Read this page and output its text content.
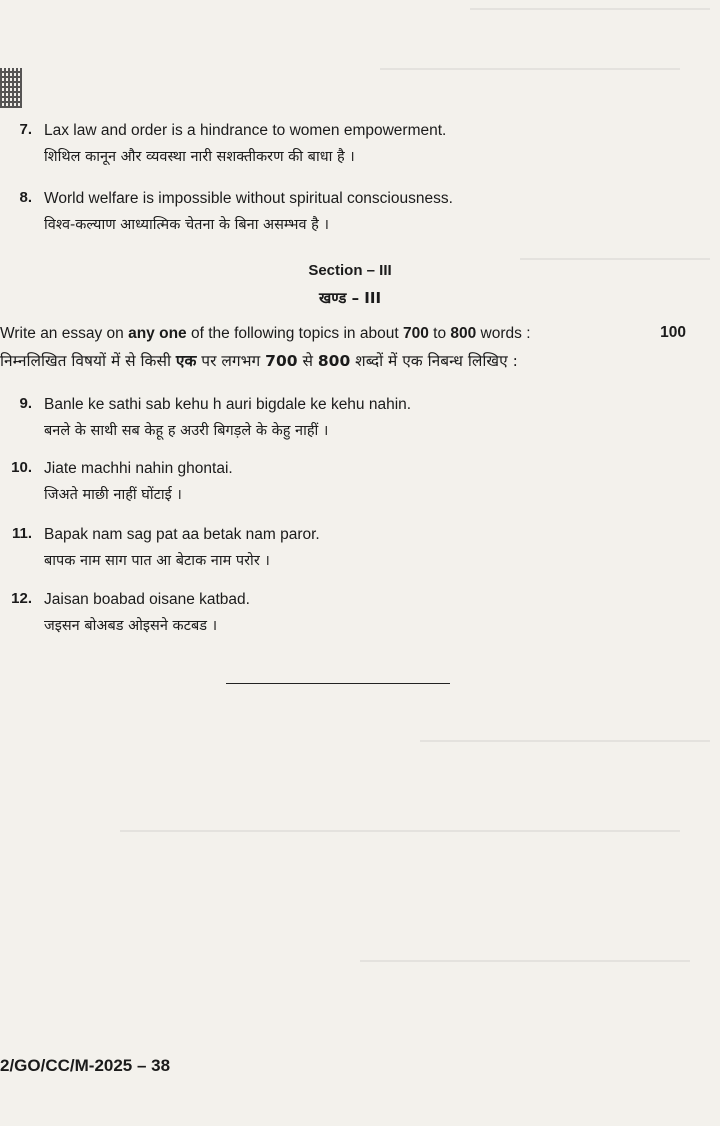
7. Lax law and order is a hindrance to women empowerment.
शिथिल कानून और व्यवस्था नारी सशक्तीकरण की बाधा है ।
8. World welfare is impossible without spiritual consciousness.
विश्व-कल्याण आध्यात्मिक चेतना के बिना असम्भव है ।
Section – III
खण्ड – III
Write an essay on any one of the following topics in about 700 to 800 words :
निम्नलिखित विषयों में से किसी एक पर लगभग 700 से 800 शब्दों में एक निबन्ध लिखिए :
100
9. Banle ke sathi sab kehu h auri bigdale ke kehu nahin.
बनले के साथी सब केहू ह अउरी बिगड़ले के केहु नाहीं ।
10. Jiate machhi nahin ghontai.
जिअते माछी नाहीं घोंटाई ।
11. Bapak nam sag pat aa betak nam paror.
बापक नाम साग पात आ बेटाक नाम परोर ।
12. Jaisan boabad oisane katbad.
जइसन बोअबड ओइसने कटबड ।
2/GO/CC/M-2025 – 38
